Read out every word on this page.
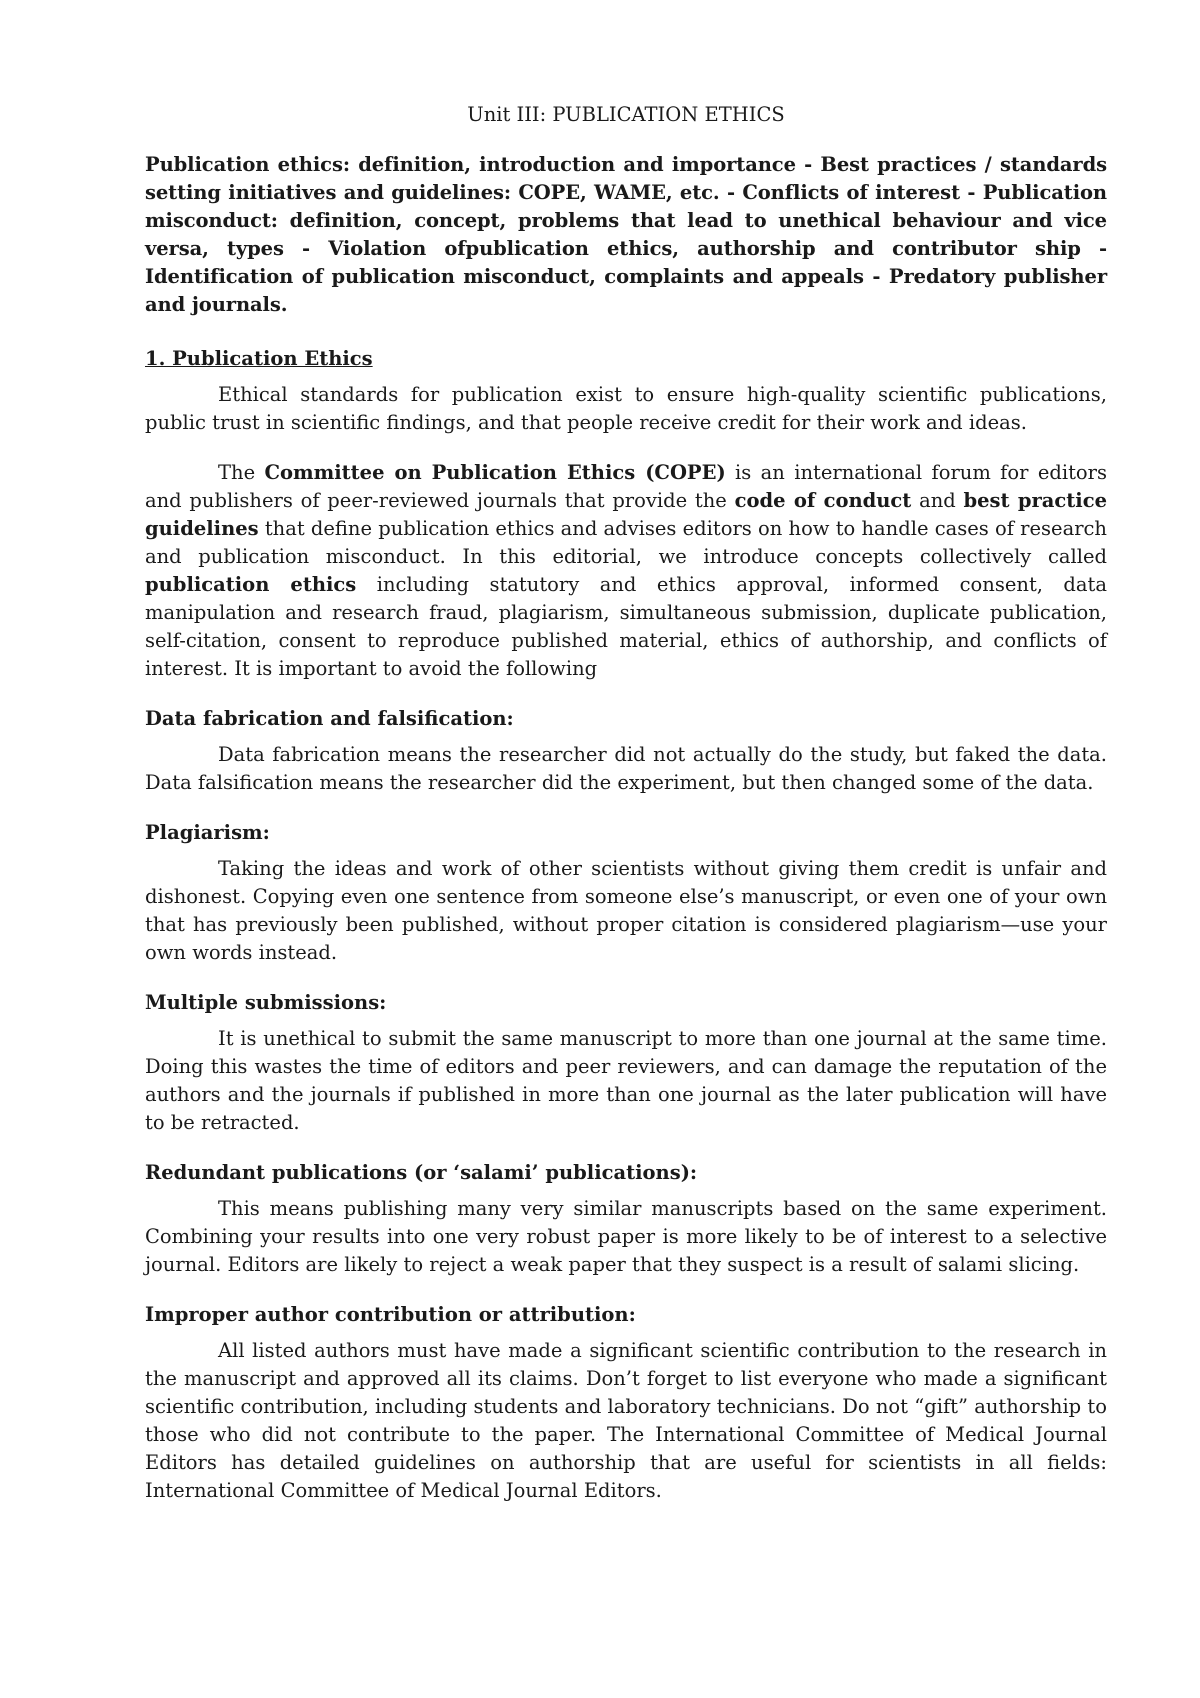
Unit III: PUBLICATION ETHICS
Publication ethics: definition, introduction and importance - Best practices / standards setting initiatives and guidelines: COPE, WAME, etc. - Conflicts of interest - Publication misconduct: definition, concept, problems that lead to unethical behaviour and vice versa, types - Violation ofpublication ethics, authorship and contributor ship - Identification of publication misconduct, complaints and appeals - Predatory publisher and journals.
1. Publication Ethics

Ethical standards for publication exist to ensure high-quality scientific publications, public trust in scientific findings, and that people receive credit for their work and ideas.

The Committee on Publication Ethics (COPE) is an international forum for editors and publishers of peer-reviewed journals that provide the code of conduct and best practice guidelines that define publication ethics and advises editors on how to handle cases of research and publication misconduct. In this editorial, we introduce concepts collectively called publication ethics including statutory and ethics approval, informed consent, data manipulation and research fraud, plagiarism, simultaneous submission, duplicate publication, self-citation, consent to reproduce published material, ethics of authorship, and conflicts of interest. It is important to avoid the following

Data fabrication and falsification:

Data fabrication means the researcher did not actually do the study, but faked the data. Data falsification means the researcher did the experiment, but then changed some of the data.

Plagiarism:

Taking the ideas and work of other scientists without giving them credit is unfair and dishonest. Copying even one sentence from someone else’s manuscript, or even one of your own that has previously been published, without proper citation is considered plagiarism—use your own words instead.

Multiple submissions:

It is unethical to submit the same manuscript to more than one journal at the same time. Doing this wastes the time of editors and peer reviewers, and can damage the reputation of the authors and the journals if published in more than one journal as the later publication will have to be retracted.

Redundant publications (or ‘salami’ publications):

This means publishing many very similar manuscripts based on the same experiment. Combining your results into one very robust paper is more likely to be of interest to a selective journal. Editors are likely to reject a weak paper that they suspect is a result of salami slicing.

Improper author contribution or attribution:

All listed authors must have made a significant scientific contribution to the research in the manuscript and approved all its claims. Don’t forget to list everyone who made a significant scientific contribution, including students and laboratory technicians. Do not “gift” authorship to those who did not contribute to the paper. The International Committee of Medical Journal Editors has detailed guidelines on authorship that are useful for scientists in all fields: International Committee of Medical Journal Editors.
